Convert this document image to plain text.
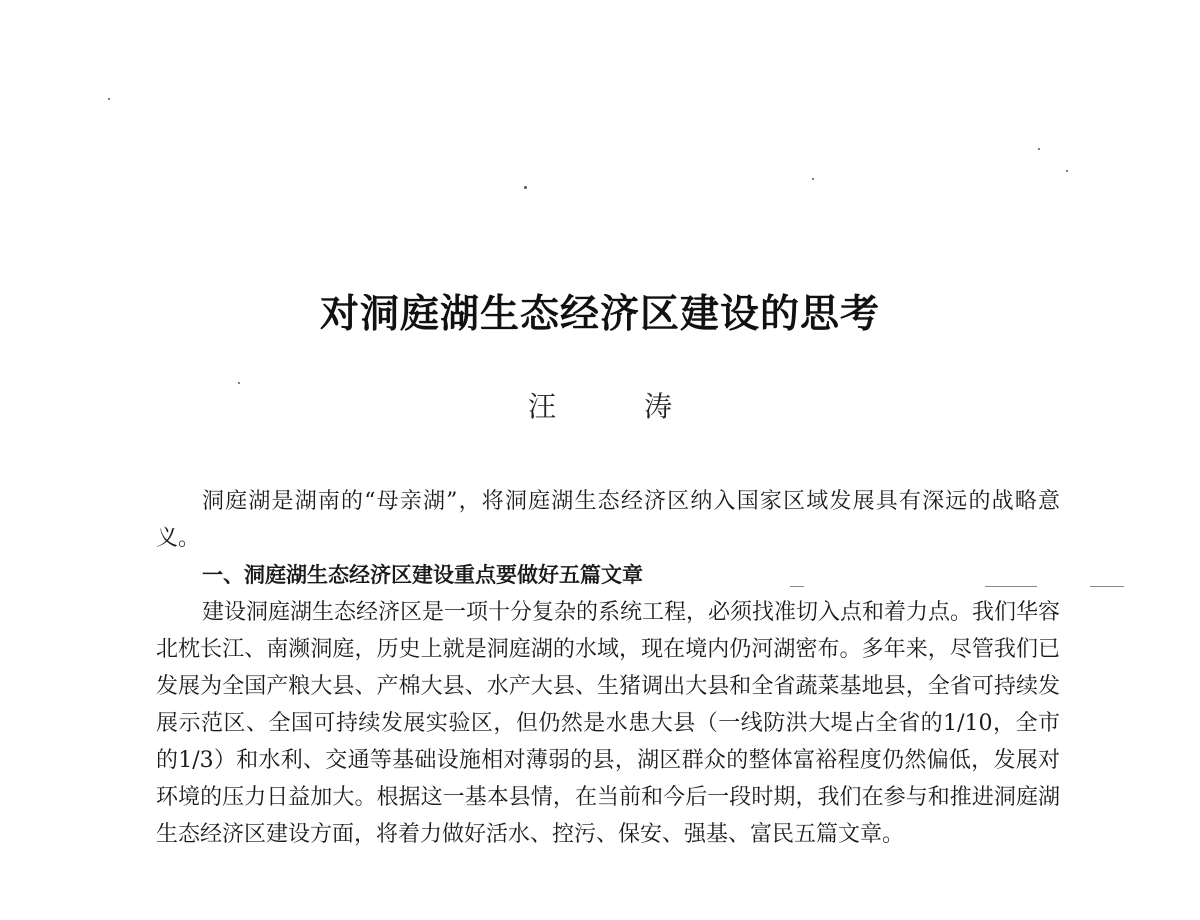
对洞庭湖生态经济区建设的思考
汪　涛

洞庭湖是湖南的“母亲湖”，将洞庭湖生态经济区纳入国家区域发展具有深远的战略意义。

一、洞庭湖生态经济区建设重点要做好五篇文章

建设洞庭湖生态经济区是一项十分复杂的系统工程，必须找准切入点和着力点。我们华容北枕长江、南濒洞庭，历史上就是洞庭湖的水域，现在境内仍河湖密布。多年来，尽管我们已发展为全国产粮大县、产棉大县、水产大县、生猪调出大县和全省蔬菜基地县，全省可持续发展示范区、全国可持续发展实验区，但仍然是水患大县（一线防洪大堤占全省的1/10，全市的1/3）和水利、交通等基础设施相对薄弱的县，湖区群众的整体富裕程度仍然偏低，发展对环境的压力日益加大。根据这一基本县情，在当前和今后一段时期，我们在参与和推进洞庭湖生态经济区建设方面，将着力做好活水、控污、保安、强基、富民五篇文章。
